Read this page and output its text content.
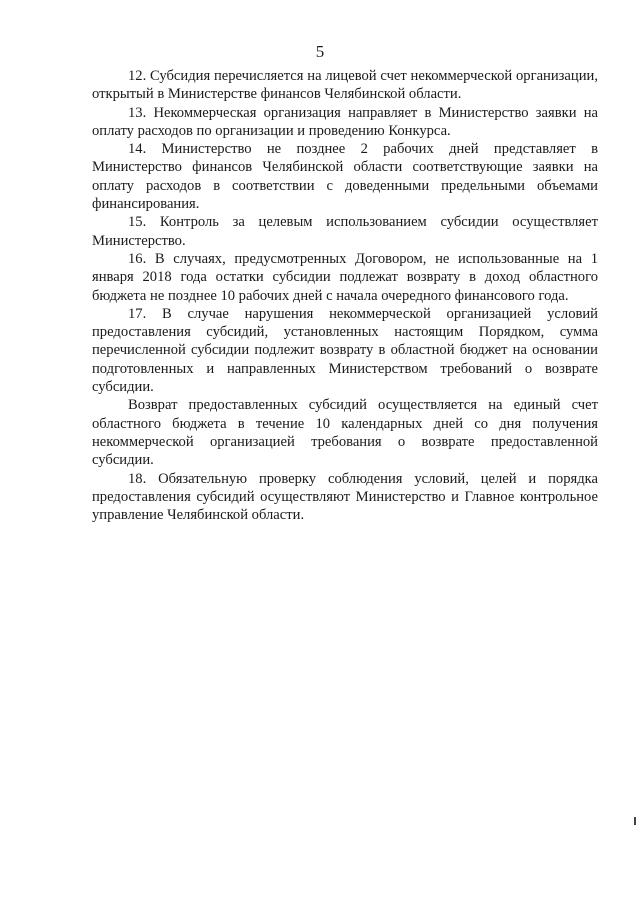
5

12. Субсидия перечисляется на лицевой счет некоммерческой организации, открытый в Министерстве финансов Челябинской области.

13. Некоммерческая организация направляет в Министерство заявки на оплату расходов по организации и проведению Конкурса.

14. Министерство не позднее 2 рабочих дней представляет в Министерство финансов Челябинской области соответствующие заявки на оплату расходов в соответствии с доведенными предельными объемами финансирования.

15. Контроль за целевым использованием субсидии осуществляет Министерство.

16. В случаях, предусмотренных Договором, не использованные на 1 января 2018 года остатки субсидии подлежат возврату в доход областного бюджета не позднее 10 рабочих дней с начала очередного финансового года.

17. В случае нарушения некоммерческой организацией условий предоставления субсидий, установленных настоящим Порядком, сумма перечисленной субсидии подлежит возврату в областной бюджет на основании подготовленных и направленных Министерством требований о возврате субсидии.

Возврат предоставленных субсидий осуществляется на единый счет областного бюджета в течение 10 календарных дней со дня получения некоммерческой организацией требования о возврате предоставленной субсидии.

18. Обязательную проверку соблюдения условий, целей и порядка предоставления субсидий осуществляют Министерство и Главное контрольное управление Челябинской области.
